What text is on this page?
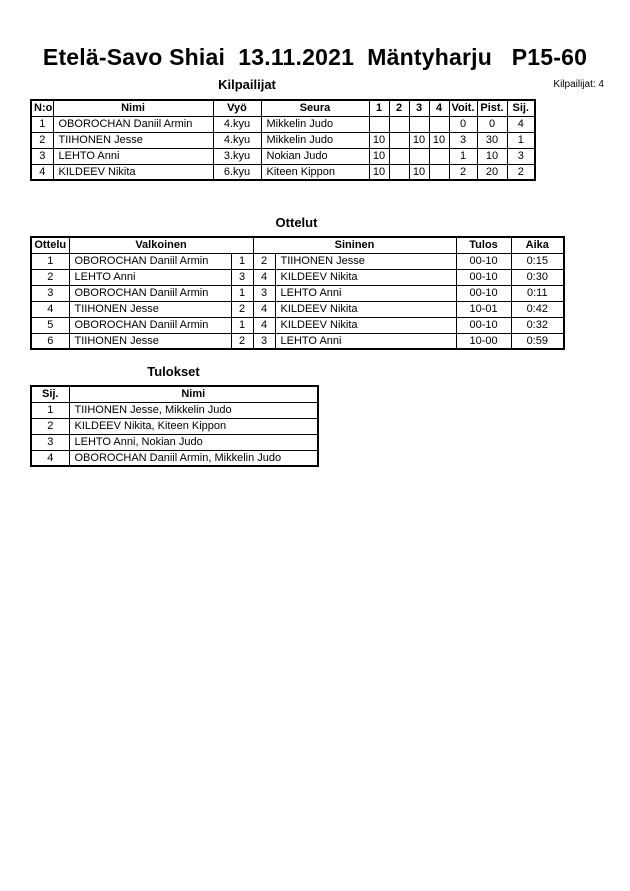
Etelä-Savo Shiai  13.11.2021  Mäntyharju   P15-60
Kilpailijat	Kilpailijat: 4
N:o	Nimi	Vyö	Seura	1	2	3	4	Voit.	Pist.	Sij.
1	OBOROCHAN Daniil Armin	4.kyu	Mikkelin Judo					0	0	4
2	TIIHONEN Jesse	4.kyu	Mikkelin Judo	10		10	10	3	30	1
3	LEHTO Anni	3.kyu	Nokian Judo	10				1	10	3
4	KILDEEV Nikita	6.kyu	Kiteen Kippon	10		10		2	20	2
Ottelut
Ottelu	Valkoinen		Sininen		Tulos	Aika
1	OBOROCHAN Daniil Armin	1	2	TIIHONEN Jesse	00-10	0:15
2	LEHTO Anni	3	4	KILDEEV Nikita	00-10	0:30
3	OBOROCHAN Daniil Armin	1	3	LEHTO Anni	00-10	0:11
4	TIIHONEN Jesse	2	4	KILDEEV Nikita	10-01	0:42
5	OBOROCHAN Daniil Armin	1	4	KILDEEV Nikita	00-10	0:32
6	TIIHONEN Jesse	2	3	LEHTO Anni	10-00	0:59
Tulokset
Sij.	Nimi
1	TIIHONEN Jesse, Mikkelin Judo
2	KILDEEV Nikita, Kiteen Kippon
3	LEHTO Anni, Nokian Judo
4	OBOROCHAN Daniil Armin, Mikkelin Judo
